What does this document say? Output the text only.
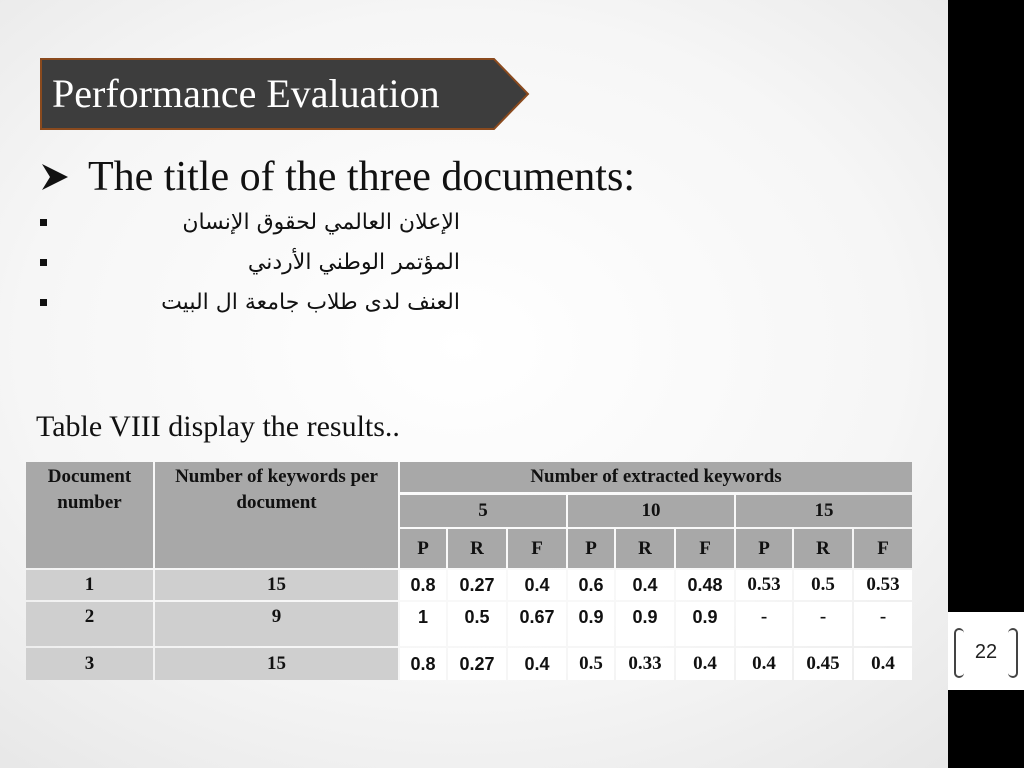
22
Performance Evaluation
The title of the three documents:
الإعلان العالمي لحقوق الإنسان
المؤتمر الوطني الأردني
العنف لدى طلاب جامعة ال البيت
Table VIII display the results..
Document number
Number of keywords per document
Number of extracted keywords
5	10	15
P	R	F	P	R	F	P	R	F
1	15	0.8	0.27	0.4	0.6	0.4	0.48	0.53	0.5	0.53
2	9	1	0.5	0.67	0.9	0.9	0.9	-	-	-
3	15	0.8	0.27	0.4	0.5	0.33	0.4	0.4	0.45	0.4
